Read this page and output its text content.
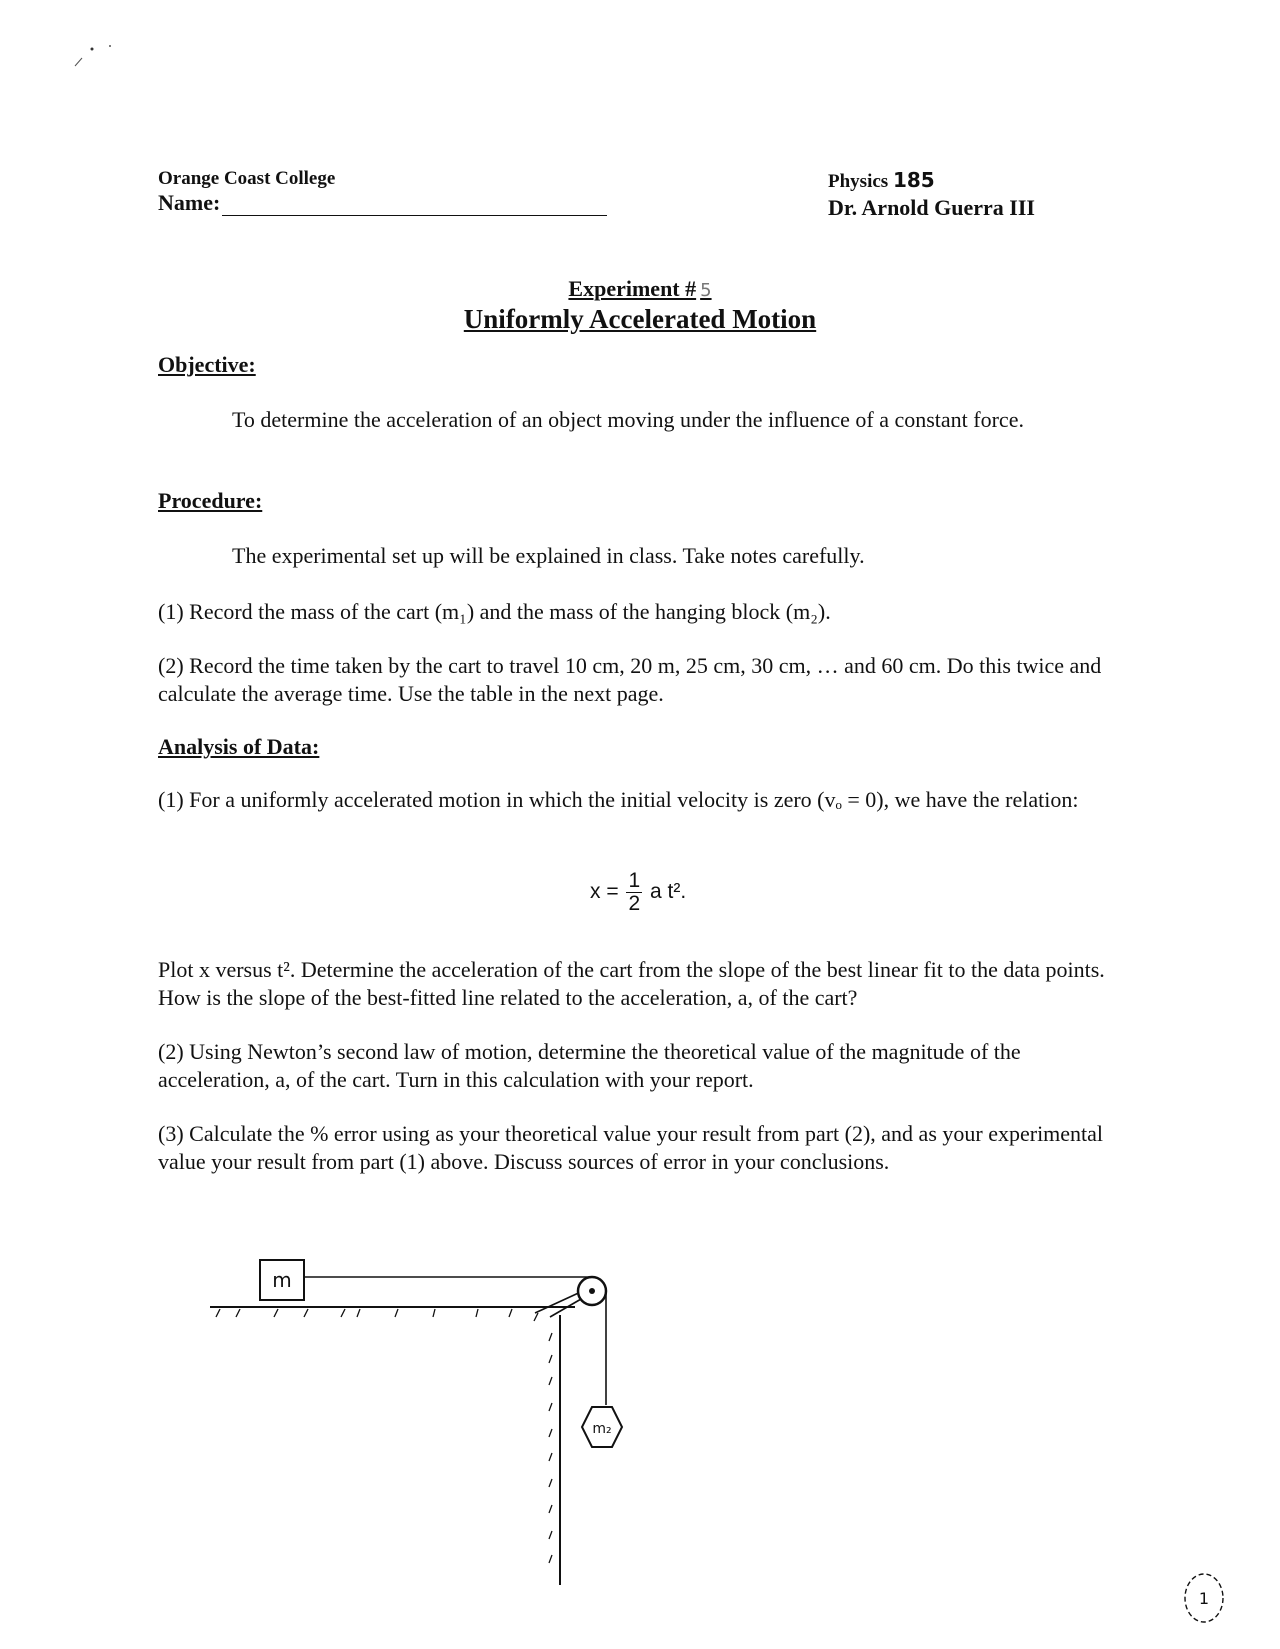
Orange Coast College
Name:
Physics 185
Dr. Arnold Guerra III
Experiment # 5
Uniformly Accelerated Motion
Objective:
To determine the acceleration of an object moving under the influence of a constant force.
Procedure:
The experimental set up will be explained in class. Take notes carefully.
(1) Record the mass of the cart (m₁) and the mass of the hanging block (m₂).
(2) Record the time taken by the cart to travel 10 cm, 20 m, 25 cm, 30 cm, … and 60 cm. Do this twice and calculate the average time. Use the table in the next page.
Analysis of Data:
(1) For a uniformly accelerated motion in which the initial velocity is zero (vₒ = 0), we have the relation:
$x = \frac{1}{2}$ a t².
Plot x versus t². Determine the acceleration of the cart from the slope of the best linear fit to the data points. How is the slope of the best-fitted line related to the acceleration, a, of the cart?
(2) Using Newton’s second law of motion, determine the theoretical value of the magnitude of the acceleration, a, of the cart. Turn in this calculation with your report.
(3) Calculate the % error using as your theoretical value your result from part (2), and as your experimental value your result from part (1) above. Discuss sources of error in your conclusions.
m
m₂
1
